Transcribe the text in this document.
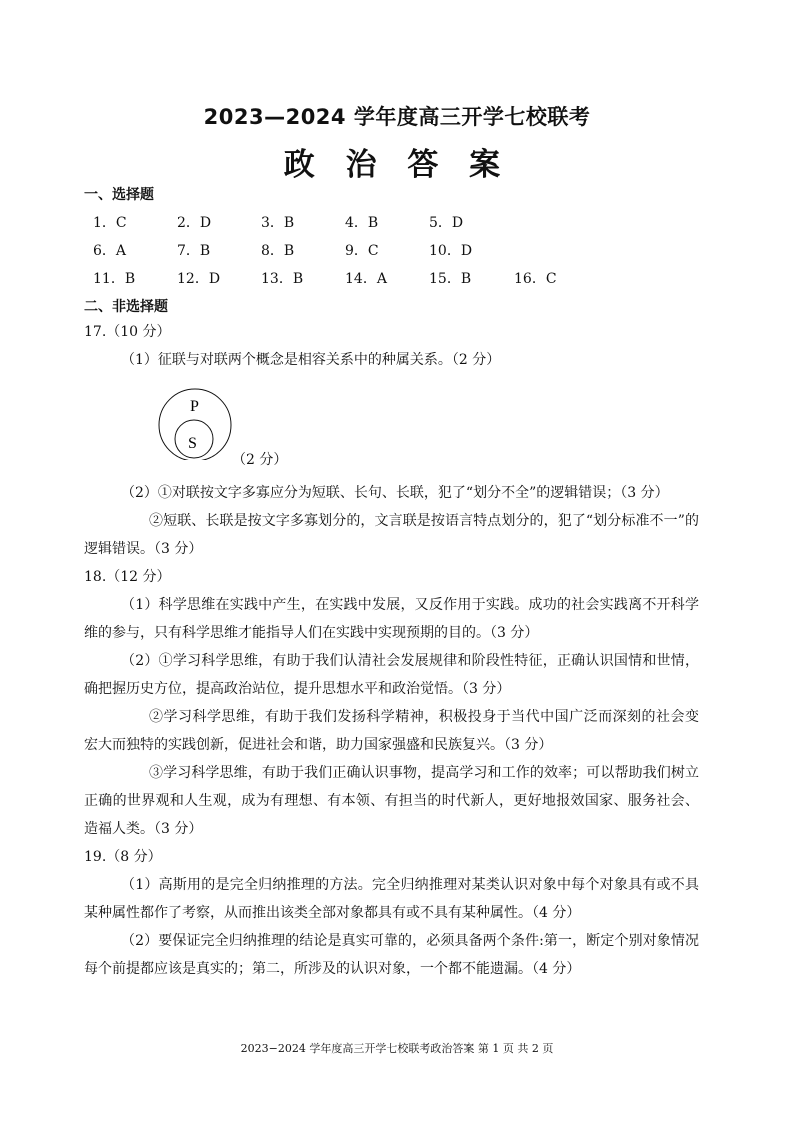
2023—2024 学年度高三开学七校联考
政 治 答 案
一、选择题
1．C	2．D	3．B	4．B	5．D
6．A	7．B	8．B	9．C	10．D
11．B	12．D	13．B	14．A	15．B	16．C
二、非选择题
17.（10 分）
（1）征联与对联两个概念是相容关系中的种属关系。（2 分）
P
S
（2 分）
（2）①对联按文字多寡应分为短联、长句、长联，犯了“划分不全”的逻辑错误；（3 分）
②短联、长联是按文字多寡划分的，文言联是按语言特点划分的，犯了“划分标准不一”的
逻辑错误。（3 分）
18.（12 分）
（1）科学思维在实践中产生，在实践中发展，又反作用于实践。成功的社会实践离不开科学
维的参与，只有科学思维才能指导人们在实践中实现预期的目的。（3 分）
（2）①学习科学思维，有助于我们认清社会发展规律和阶段性特征，正确认识国情和世情，
确把握历史方位，提高政治站位，提升思想水平和政治觉悟。（3 分）
②学习科学思维，有助于我们发扬科学精神，积极投身于当代中国广泛而深刻的社会变
宏大而独特的实践创新，促进社会和谐，助力国家强盛和民族复兴。（3 分）
③学习科学思维，有助于我们正确认识事物，提高学习和工作的效率；可以帮助我们树立
正确的世界观和人生观，成为有理想、有本领、有担当的时代新人，更好地报效国家、服务社会、
造福人类。（3 分）
19.（8 分）
（1）高斯用的是完全归纳推理的方法。完全归纳推理对某类认识对象中每个对象具有或不具
某种属性都作了考察，从而推出该类全部对象都具有或不具有某种属性。（4 分）
（2）要保证完全归纳推理的结论是真实可靠的，必须具备两个条件:第一，断定个别对象情况
每个前提都应该是真实的；第二，所涉及的认识对象，一个都不能遗漏。（4 分）
2023−2024 学年度高三开学七校联考政治答案 第 1 页 共 2 页
